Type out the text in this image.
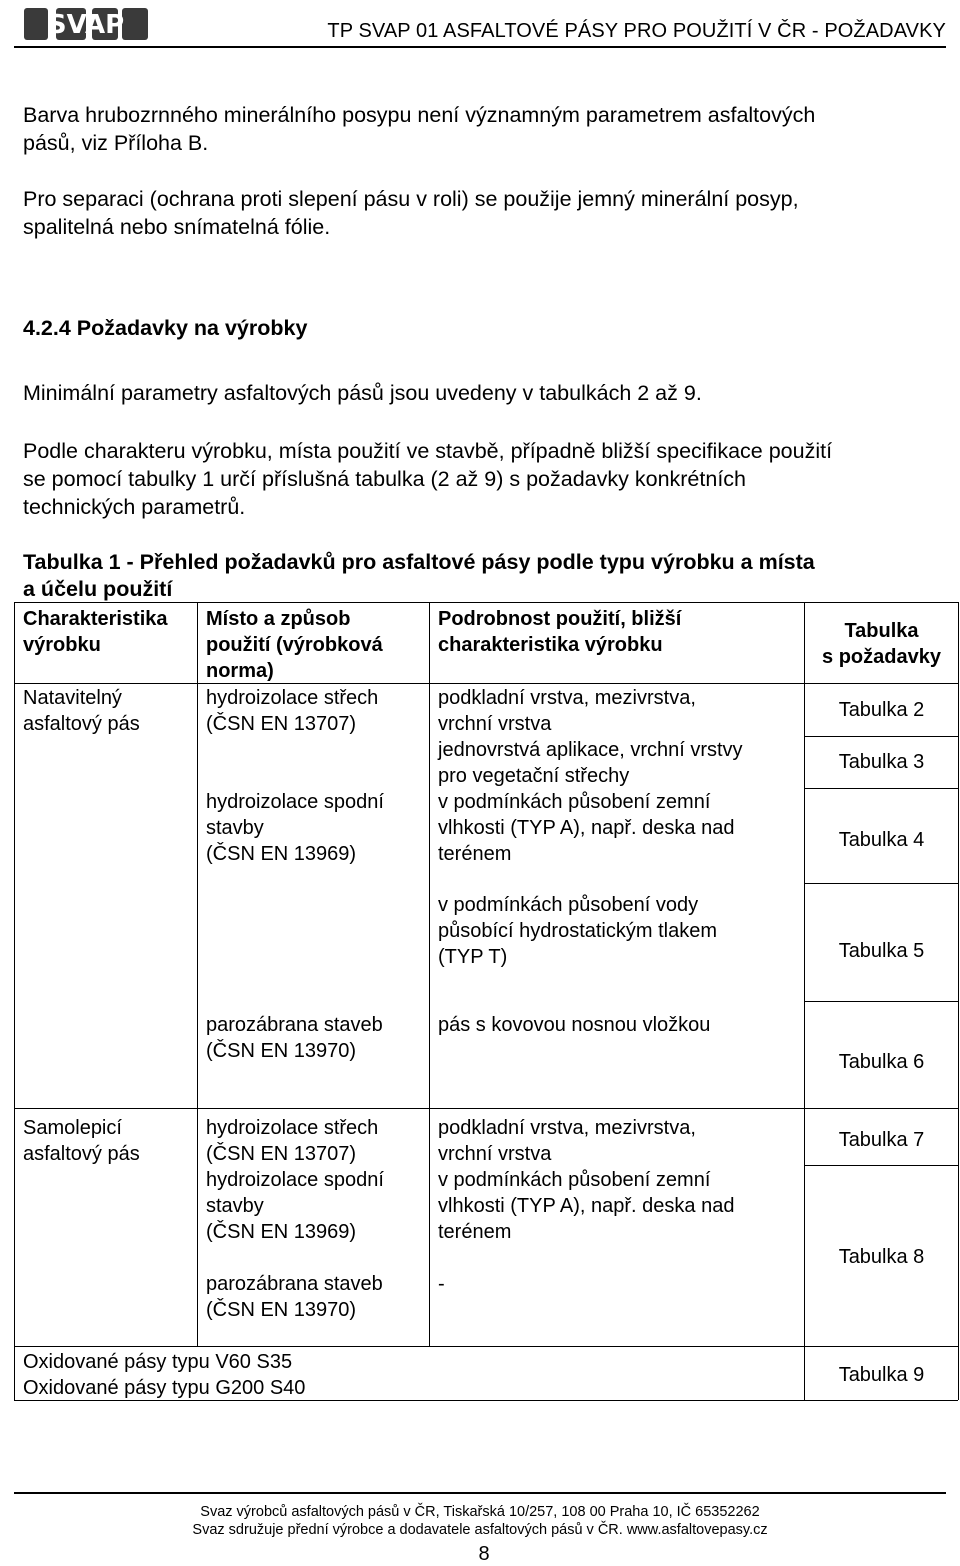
SVAP	TP SVAP 01 ASFALTOVÉ PÁSY PRO POUŽITÍ V ČR - POŽADAVKY
Barva hrubozrnného minerálního posypu není významným parametrem asfaltových
pásů, viz Příloha B.
Pro separaci (ochrana proti slepení pásu v roli) se použije jemný minerální posyp,
spalitelná nebo snímatelná fólie.
4.2.4 Požadavky na výrobky
Minimální parametry asfaltových pásů jsou uvedeny v tabulkách 2 až 9.
Podle charakteru výrobku, místa použití ve stavbě, případně bližší specifikace použití
se pomocí tabulky 1 určí příslušná tabulka (2 až 9) s požadavky konkrétních
technických parametrů.
Tabulka 1 - Přehled požadavků pro asfaltové pásy podle typu výrobku a místa
a účelu použití
Charakteristika
výrobku
Místo a způsob
použití (výrobková
norma)
Podrobnost použití, bližší
charakteristika výrobku
Tabulka
s požadavky
Natavitelný
asfaltový pás
hydroizolace střech
(ČSN EN 13707)
hydroizolace spodní
stavby
(ČSN EN 13969)
parozábrana staveb
(ČSN EN 13970)
podkladní vrstva, mezivrstva,
vrchní vrstva
jednovrstvá aplikace, vrchní vrstvy
pro vegetační střechy
v podmínkách působení zemní
vlhkosti (TYP A), např. deska nad
terénem
v podmínkách působení vody
působící hydrostatickým tlakem
(TYP T)
pás s kovovou nosnou vložkou
Tabulka 2
Tabulka 3
Tabulka 4
Tabulka 5
Tabulka 6
Samolepicí
asfaltový pás
hydroizolace střech
(ČSN EN 13707)
hydroizolace spodní
stavby
(ČSN EN 13969)
parozábrana staveb
(ČSN EN 13970)
podkladní vrstva, mezivrstva,
vrchní vrstva
v podmínkách působení zemní
vlhkosti (TYP A), např. deska nad
terénem
-
Tabulka 7
Tabulka 8
Oxidované pásy typu V60 S35
Oxidované pásy typu G200 S40
Tabulka 9
Svaz výrobců asfaltových pásů v ČR, Tiskařská 10/257, 108 00 Praha 10, IČ 65352262
Svaz sdružuje přední výrobce a dodavatele asfaltových pásů v ČR. www.asfaltovepasy.cz
8
